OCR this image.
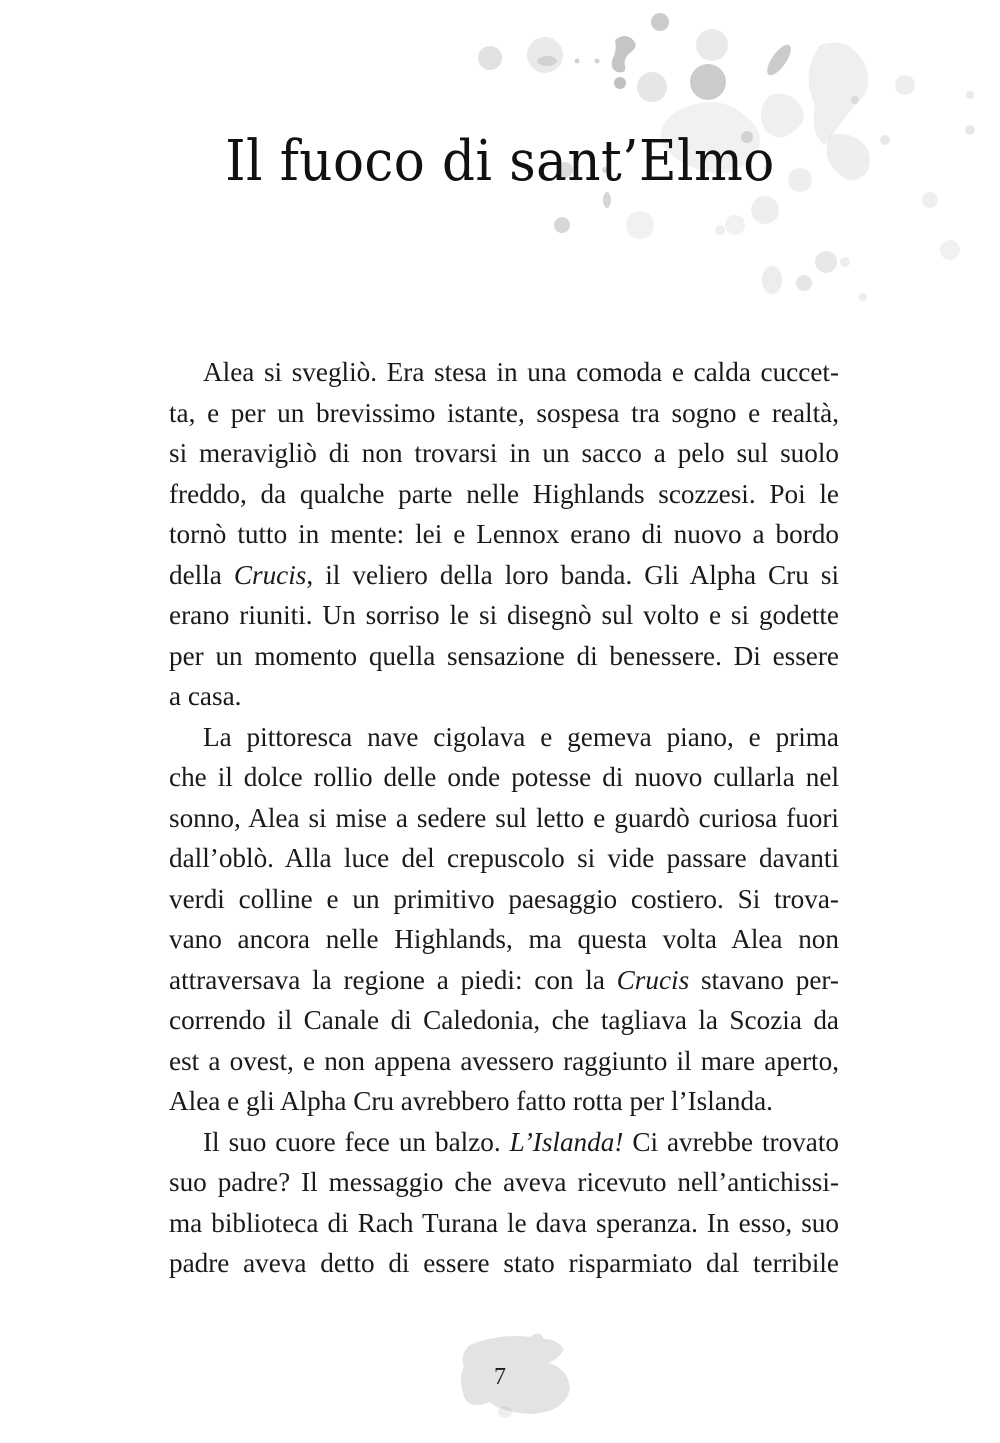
Il fuoco di sant’Elmo
Alea si svegliò. Era stesa in una comoda e calda cuccet-
ta, e per un brevissimo istante, sospesa tra sogno e realtà,
si meravigliò di non trovarsi in un sacco a pelo sul suolo
freddo, da qualche parte nelle Highlands scozzesi. Poi le
tornò tutto in mente: lei e Lennox erano di nuovo a bordo
della Crucis, il veliero della loro banda. Gli Alpha Cru si
erano riuniti. Un sorriso le si disegnò sul volto e si godette
per un momento quella sensazione di benessere. Di essere
a casa.
La pittoresca nave cigolava e gemeva piano, e prima
che il dolce rollio delle onde potesse di nuovo cullarla nel
sonno, Alea si mise a sedere sul letto e guardò curiosa fuori
dall’oblò. Alla luce del crepuscolo si vide passare davanti
verdi colline e un primitivo paesaggio costiero. Si trova-
vano ancora nelle Highlands, ma questa volta Alea non
attraversava la regione a piedi: con la Crucis stavano per-
correndo il Canale di Caledonia, che tagliava la Scozia da
est a ovest, e non appena avessero raggiunto il mare aperto,
Alea e gli Alpha Cru avrebbero fatto rotta per l’Islanda.
Il suo cuore fece un balzo. L’Islanda! Ci avrebbe trovato
suo padre? Il messaggio che aveva ricevuto nell’antichissi-
ma biblioteca di Rach Turana le dava speranza. In esso, suo
padre aveva detto di essere stato risparmiato dal terribile
7
